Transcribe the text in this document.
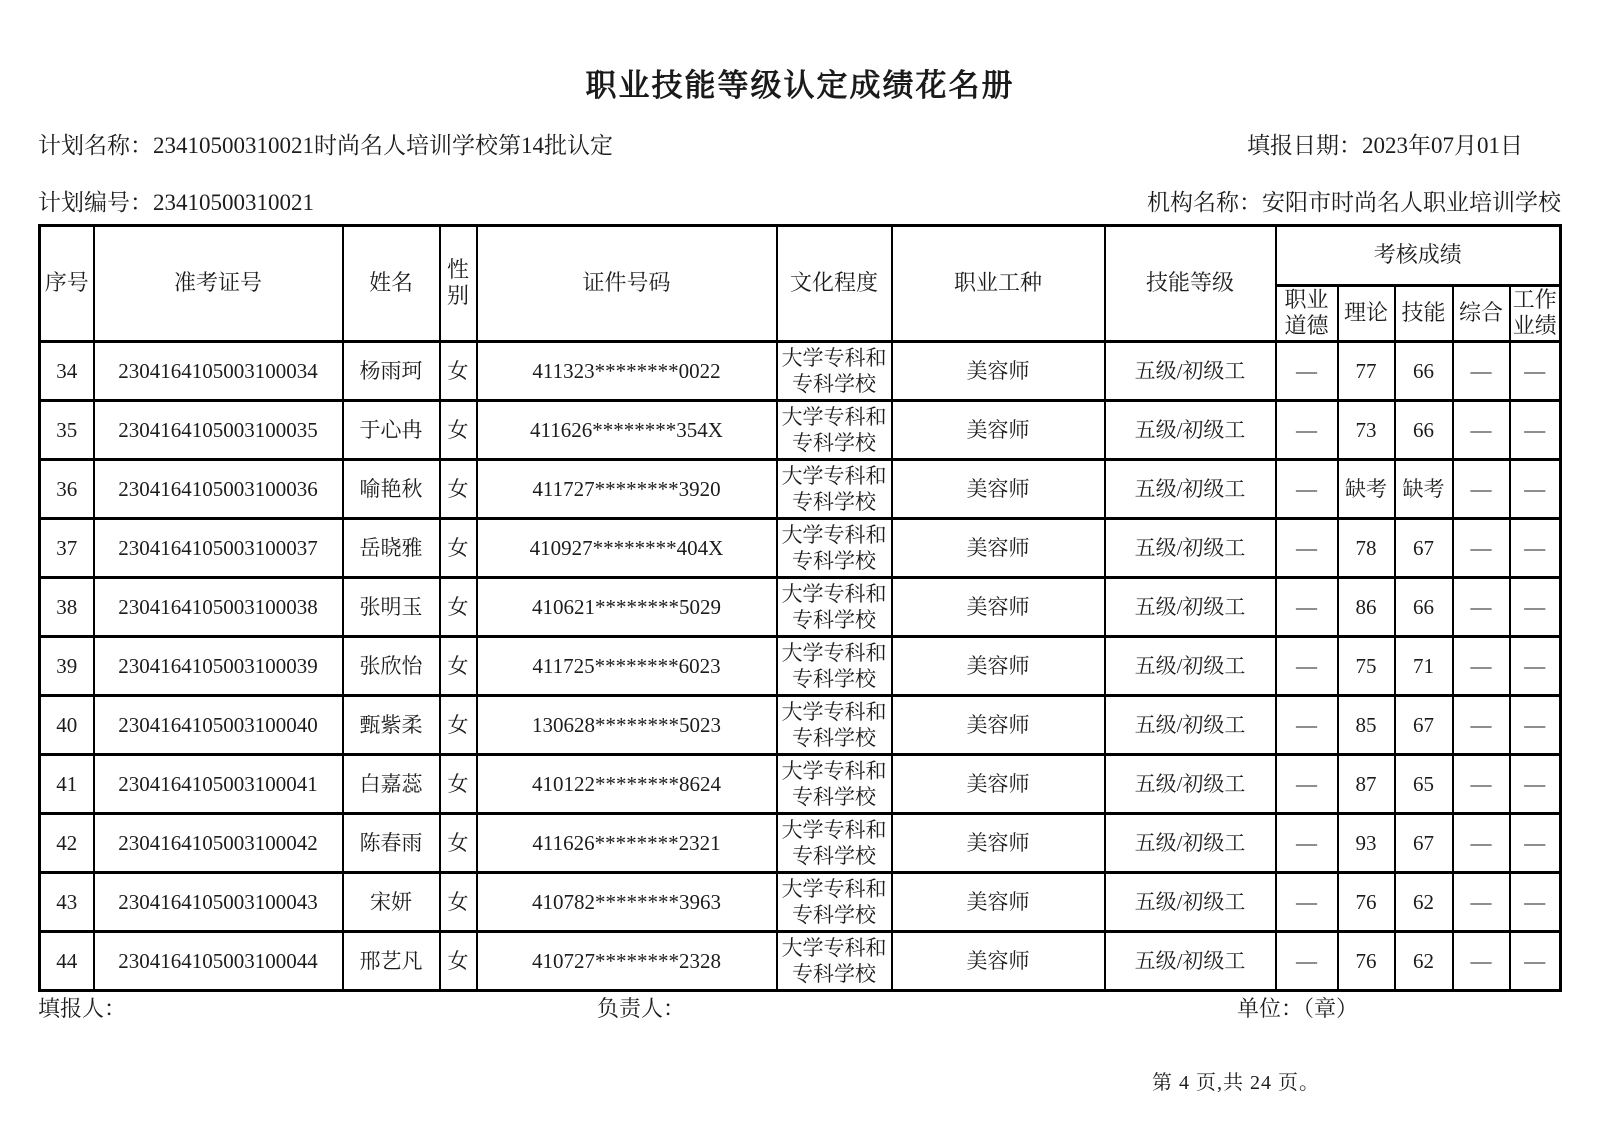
职业技能等级认定成绩花名册
计划名称：23410500310021时尚名人培训学校第14批认定	填报日期：2023年07月01日
计划编号：23410500310021	机构名称：安阳市时尚名人职业培训学校
序号	准考证号	姓名	性别	证件号码	文化程度	职业工种	技能等级	考核成绩				
								职业道德	理论	技能	综合	工作业绩
34	2304164105003100034	杨雨珂	女	411323********0022	大学专科和专科学校	美容师	五级/初级工	—	77	66	—	—
35	2304164105003100035	于心冉	女	411626********354X	大学专科和专科学校	美容师	五级/初级工	—	73	66	—	—
36	2304164105003100036	喻艳秋	女	411727********3920	大学专科和专科学校	美容师	五级/初级工	—	缺考	缺考	—	—
37	2304164105003100037	岳晓雅	女	410927********404X	大学专科和专科学校	美容师	五级/初级工	—	78	67	—	—
38	2304164105003100038	张明玉	女	410621********5029	大学专科和专科学校	美容师	五级/初级工	—	86	66	—	—
39	2304164105003100039	张欣怡	女	411725********6023	大学专科和专科学校	美容师	五级/初级工	—	75	71	—	—
40	2304164105003100040	甄紫柔	女	130628********5023	大学专科和专科学校	美容师	五级/初级工	—	85	67	—	—
41	2304164105003100041	白嘉蕊	女	410122********8624	大学专科和专科学校	美容师	五级/初级工	—	87	65	—	—
42	2304164105003100042	陈春雨	女	411626********2321	大学专科和专科学校	美容师	五级/初级工	—	93	67	—	—
43	2304164105003100043	宋妍	女	410782********3963	大学专科和专科学校	美容师	五级/初级工	—	76	62	—	—
44	2304164105003100044	邢艺凡	女	410727********2328	大学专科和专科学校	美容师	五级/初级工	—	76	62	—	—
填报人：	负责人：	单位：（章）
第 4 页,共 24 页。
